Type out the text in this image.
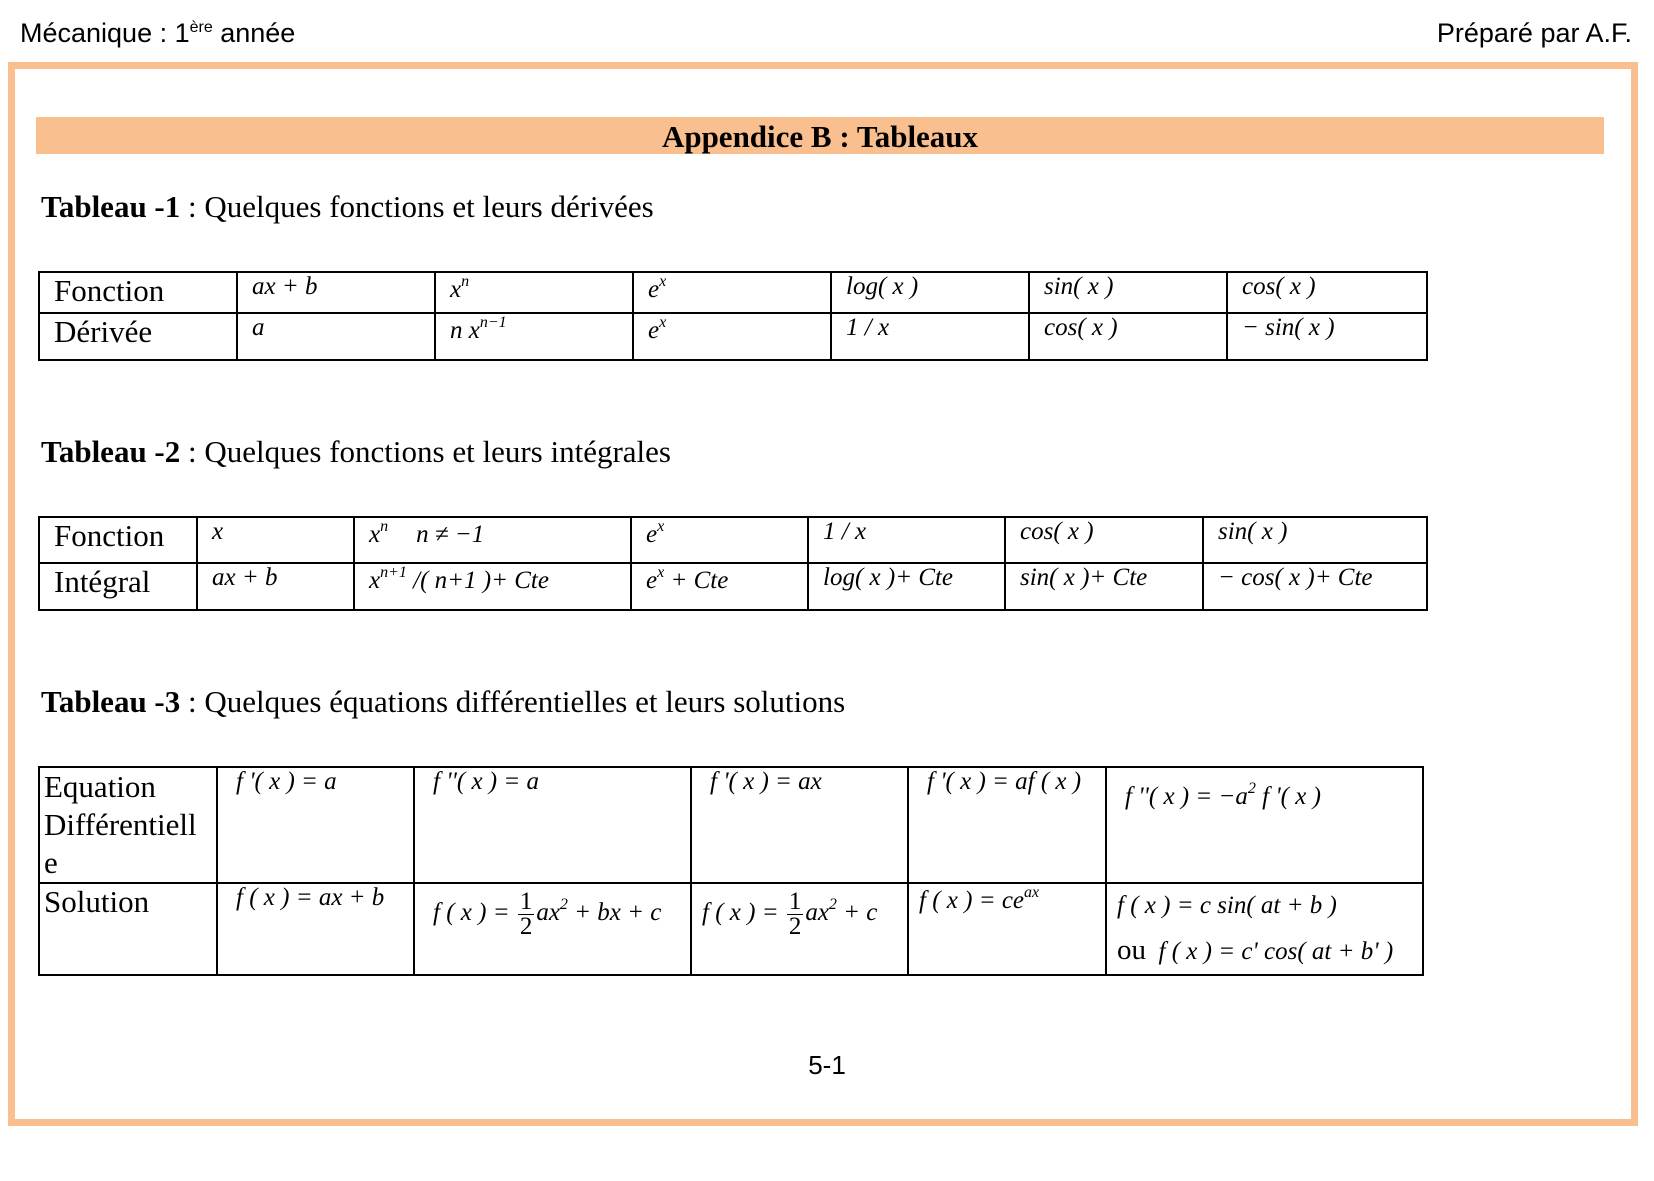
Mécanique : 1ère année	Préparé par A.F.
Appendice B : Tableaux
Tableau -1 : Quelques fonctions et leurs dérivées
Fonction	ax + b	$x^n$	$e^x$	log( x )	sin( x )	cos( x )
Dérivée	a	n $x^{n-1}$	$e^x$	1 / x	cos( x )	− sin( x )
Tableau -2 : Quelques fonctions et leurs intégrales
Fonction	x	$x^n$ n ≠ −1	$e^x$	1 / x	cos( x )	sin( x )
Intégral	ax + b	$x^{n+1}$ /( n+1 )+ Cte	$e^x$ + Cte	log( x )+ Cte	sin( x )+ Cte	− cos( x )+ Cte
Tableau -3 : Quelques équations différentielles et leurs solutions
Equation
Différentiell
e	f '( x ) = a	f ''( x ) = a	f '( x ) = ax	f '( x ) = af ( x )	f ''( x ) = $-a^2$ f '( x )
Solution	f ( x ) = ax + b	f ( x ) = $\frac{1}{2} ax^2$ + bx + c	f ( x ) = $\frac{1}{2} ax^2 + c$	f ( x ) = $ce^{ax}$	f ( x ) = c sin( at + b )
ou f ( x ) = c' cos( at + b' )
5-1
